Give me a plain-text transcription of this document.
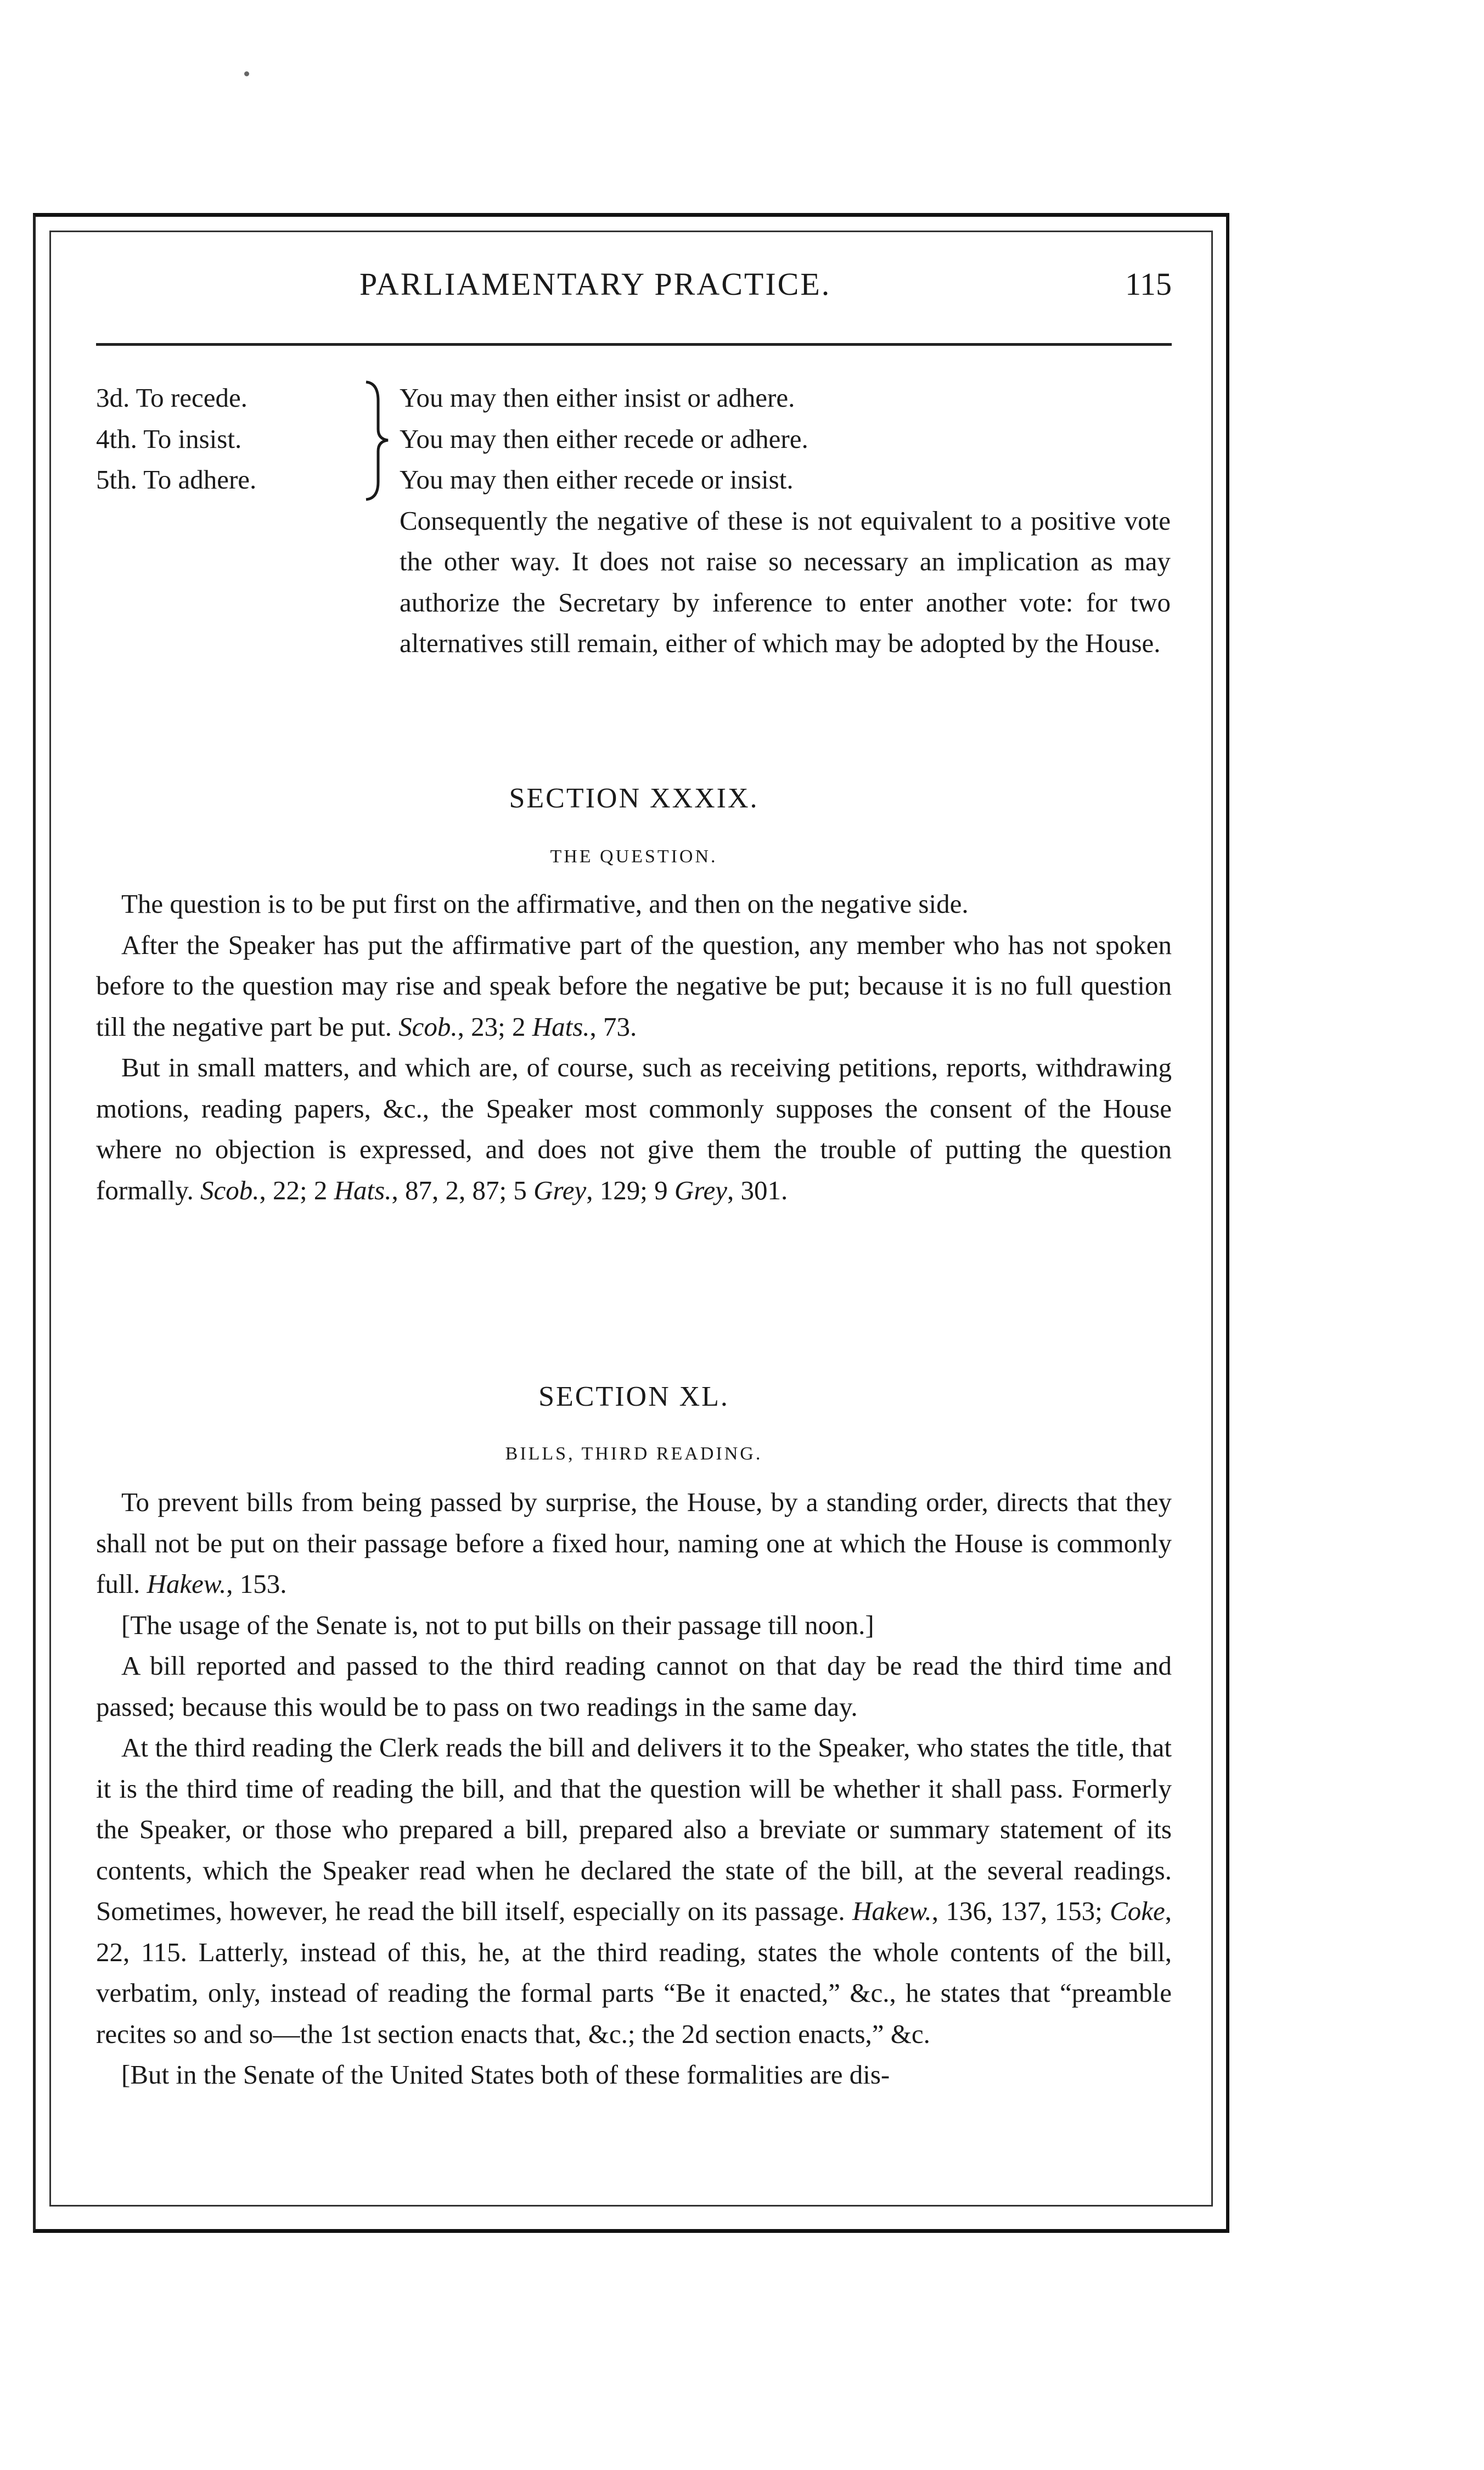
PARLIAMENTARY PRACTICE.	115
3d. To recede.
4th. To insist.
5th. To adhere.
You may then either insist or adhere.
You may then either recede or adhere.
You may then either recede or insist.

Consequently the negative of these is not equivalent to a positive vote the other way. It does not raise so necessary an implication as may authorize the Secretary by inference to enter another vote: for two alternatives still remain, either of which may be adopted by the House.

SECTION XXXIX.
THE QUESTION.

The question is to be put first on the affirmative, and then on the negative side.

After the Speaker has put the affirmative part of the question, any member who has not spoken before to the question may rise and speak before the negative be put; because it is no full question till the negative part be put. Scob., 23; 2 Hats., 73.

But in small matters, and which are, of course, such as receiving petitions, reports, withdrawing motions, reading papers, &c., the Speaker most commonly supposes the consent of the House where no objection is expressed, and does not give them the trouble of putting the question formally. Scob., 22; 2 Hats., 87, 2, 87; 5 Grey, 129; 9 Grey, 301.

SECTION XL.
BILLS, THIRD READING.

To prevent bills from being passed by surprise, the House, by a standing order, directs that they shall not be put on their passage before a fixed hour, naming one at which the House is commonly full. Hakew., 153.

[The usage of the Senate is, not to put bills on their passage till noon.]

A bill reported and passed to the third reading cannot on that day be read the third time and passed; because this would be to pass on two readings in the same day.

At the third reading the Clerk reads the bill and delivers it to the Speaker, who states the title, that it is the third time of reading the bill, and that the question will be whether it shall pass. Formerly the Speaker, or those who prepared a bill, prepared also a breviate or summary statement of its contents, which the Speaker read when he declared the state of the bill, at the several readings. Sometimes, however, he read the bill itself, especially on its passage. Hakew., 136, 137, 153; Coke, 22, 115. Latterly, instead of this, he, at the third reading, states the whole contents of the bill, verbatim, only, instead of reading the formal parts “Be it enacted,” &c., he states that “preamble recites so and so—the 1st section enacts that, &c.; the 2d section enacts,” &c.

[But in the Senate of the United States both of these formalities are dis-
